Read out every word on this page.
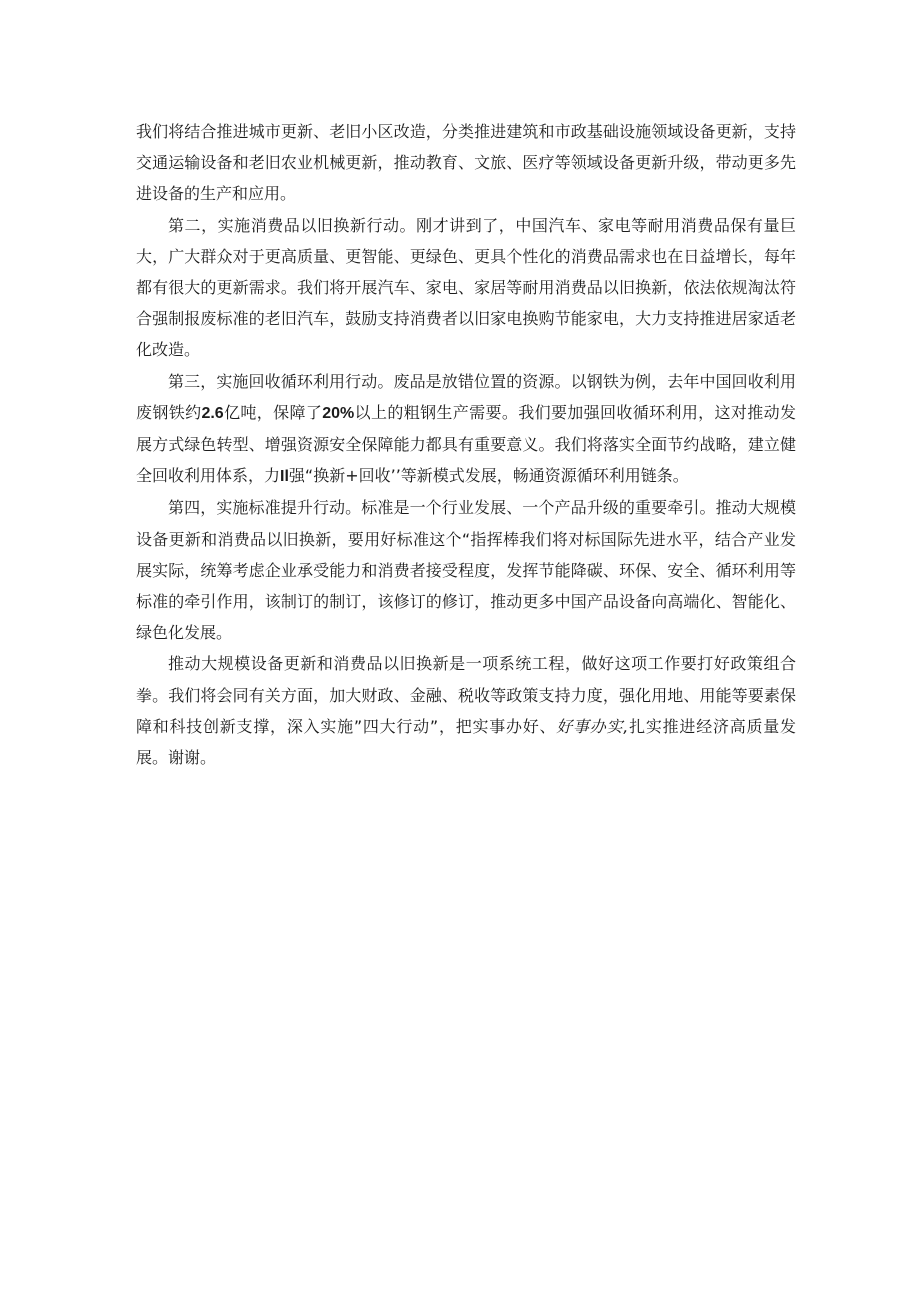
我们将结合推进城市更新、老旧小区改造，分类推进建筑和市政基础设施领域设备更新，支持交通运输设备和老旧农业机械更新，推动教育、文旅、医疗等领域设备更新升级，带动更多先进设备的生产和应用。

第二，实施消费品以旧换新行动。刚才讲到了，中国汽车、家电等耐用消费品保有量巨大，广大群众对于更高质量、更智能、更绿色、更具个性化的消费品需求也在日益增长，每年都有很大的更新需求。我们将开展汽车、家电、家居等耐用消费品以旧换新，依法依规淘汰符合强制报废标准的老旧汽车，鼓励支持消费者以旧家电换购节能家电，大力支持推进居家适老化改造。

第三，实施回收循环利用行动。废品是放错位置的资源。以钢铁为例，去年中国回收利用废钢铁约2.6亿吨，保障了20%以上的粗钢生产需要。我们要加强回收循环利用，这对推动发展方式绿色转型、增强资源安全保障能力都具有重要意义。我们将落实全面节约战略，建立健全回收利用体系，力Il强“换新+回收’’等新模式发展，畅通资源循环利用链条。

第四，实施标准提升行动。标准是一个行业发展、一个产品升级的重要牵引。推动大规模设备更新和消费品以旧换新，要用好标准这个“指挥棒我们将对标国际先进水平，结合产业发展实际，统筹考虑企业承受能力和消费者接受程度，发挥节能降碳、环保、安全、循环利用等标准的牵引作用，该制订的制订，该修订的修订，推动更多中国产品设备向高端化、智能化、绿色化发展。

推动大规模设备更新和消费品以旧换新是一项系统工程，做好这项工作要打好政策组合拳。我们将会同有关方面，加大财政、金融、税收等政策支持力度，强化用地、用能等要素保障和科技创新支撑，深入实施”四大行动”，把实事办好、好事办实,扎实推进经济高质量发展。谢谢。
